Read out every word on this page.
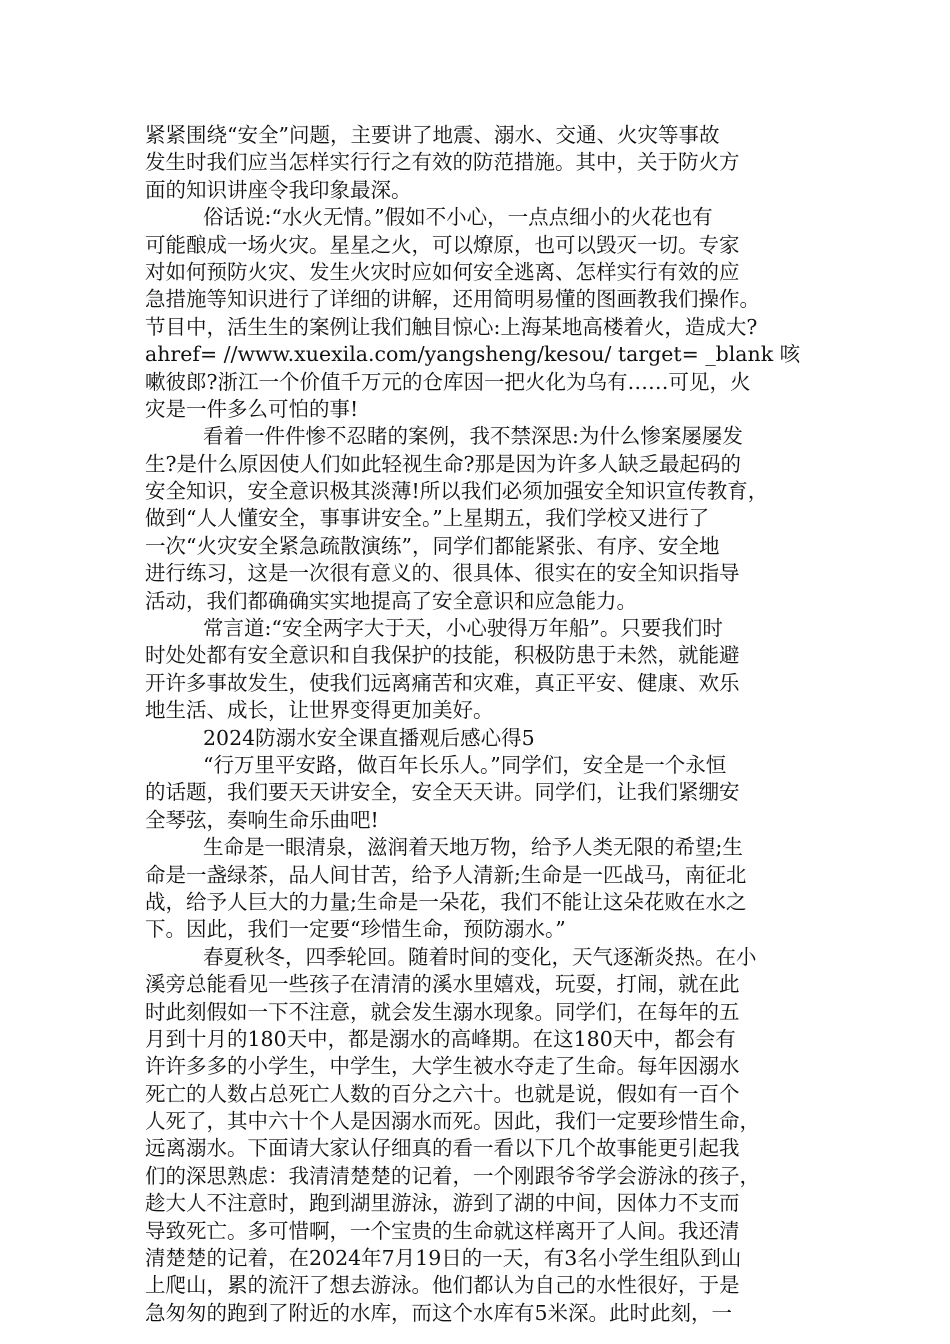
紧紧围绕“安全”问题，主要讲了地震、溺水、交通、火灾等事故
发生时我们应当怎样实行行之有效的防范措施。其中，关于防火方
面的知识讲座令我印象最深。
俗话说:“水火无情。”假如不小心，一点点细小的火花也有
可能酿成一场火灾。星星之火，可以燎原，也可以毁灭一切。专家
对如何预防火灾、发生火灾时应如何安全逃离、怎样实行有效的应
急措施等知识进行了详细的讲解，还用简明易懂的图画教我们操作。
节目中，活生生的案例让我们触目惊心:上海某地高楼着火，造成大?
ahref= //www.xuexila.com/yangsheng/kesou/ target= _blank 咳
嗽彼郎?浙江一个价值千万元的仓库因一把火化为乌有……可见，火
灾是一件多么可怕的事!
看着一件件惨不忍睹的案例，我不禁深思:为什么惨案屡屡发
生?是什么原因使人们如此轻视生命?那是因为许多人缺乏最起码的
安全知识，安全意识极其淡薄!所以我们必须加强安全知识宣传教育，
做到“人人懂安全，事事讲安全。”上星期五，我们学校又进行了
一次“火灾安全紧急疏散演练”，同学们都能紧张、有序、安全地
进行练习，这是一次很有意义的、很具体、很实在的安全知识指导
活动，我们都确确实实地提高了安全意识和应急能力。
常言道:“安全两字大于天，小心驶得万年船”。只要我们时
时处处都有安全意识和自我保护的技能，积极防患于未然，就能避
开许多事故发生，使我们远离痛苦和灾难，真正平安、健康、欢乐
地生活、成长，让世界变得更加美好。
2024防溺水安全课直播观后感心得5
“行万里平安路，做百年长乐人。”同学们，安全是一个永恒
的话题，我们要天天讲安全，安全天天讲。同学们，让我们紧绷安
全琴弦，奏响生命乐曲吧!
生命是一眼清泉，滋润着天地万物，给予人类无限的希望;生
命是一盏绿茶，品人间甘苦，给予人清新;生命是一匹战马，南征北
战，给予人巨大的力量;生命是一朵花，我们不能让这朵花败在水之
下。因此，我们一定要“珍惜生命，预防溺水。”
春夏秋冬，四季轮回。随着时间的变化，天气逐渐炎热。在小
溪旁总能看见一些孩子在清清的溪水里嬉戏，玩耍，打闹，就在此
时此刻假如一下不注意，就会发生溺水现象。同学们，在每年的五
月到十月的180天中，都是溺水的高峰期。在这180天中，都会有
许许多多的小学生，中学生，大学生被水夺走了生命。每年因溺水
死亡的人数占总死亡人数的百分之六十。也就是说，假如有一百个
人死了，其中六十个人是因溺水而死。因此，我们一定要珍惜生命，
远离溺水。下面请大家认仔细真的看一看以下几个故事能更引起我
们的深思熟虑：我清清楚楚的记着，一个刚跟爷爷学会游泳的孩子，
趁大人不注意时，跑到湖里游泳，游到了湖的中间，因体力不支而
导致死亡。多可惜啊，一个宝贵的生命就这样离开了人间。我还清
清楚楚的记着，在2024年7月19日的一天，有3名小学生组队到山
上爬山，累的流汗了想去游泳。他们都认为自己的水性很好，于是
急匆匆的跑到了附近的水库，而这个水库有5米深。此时此刻，一
